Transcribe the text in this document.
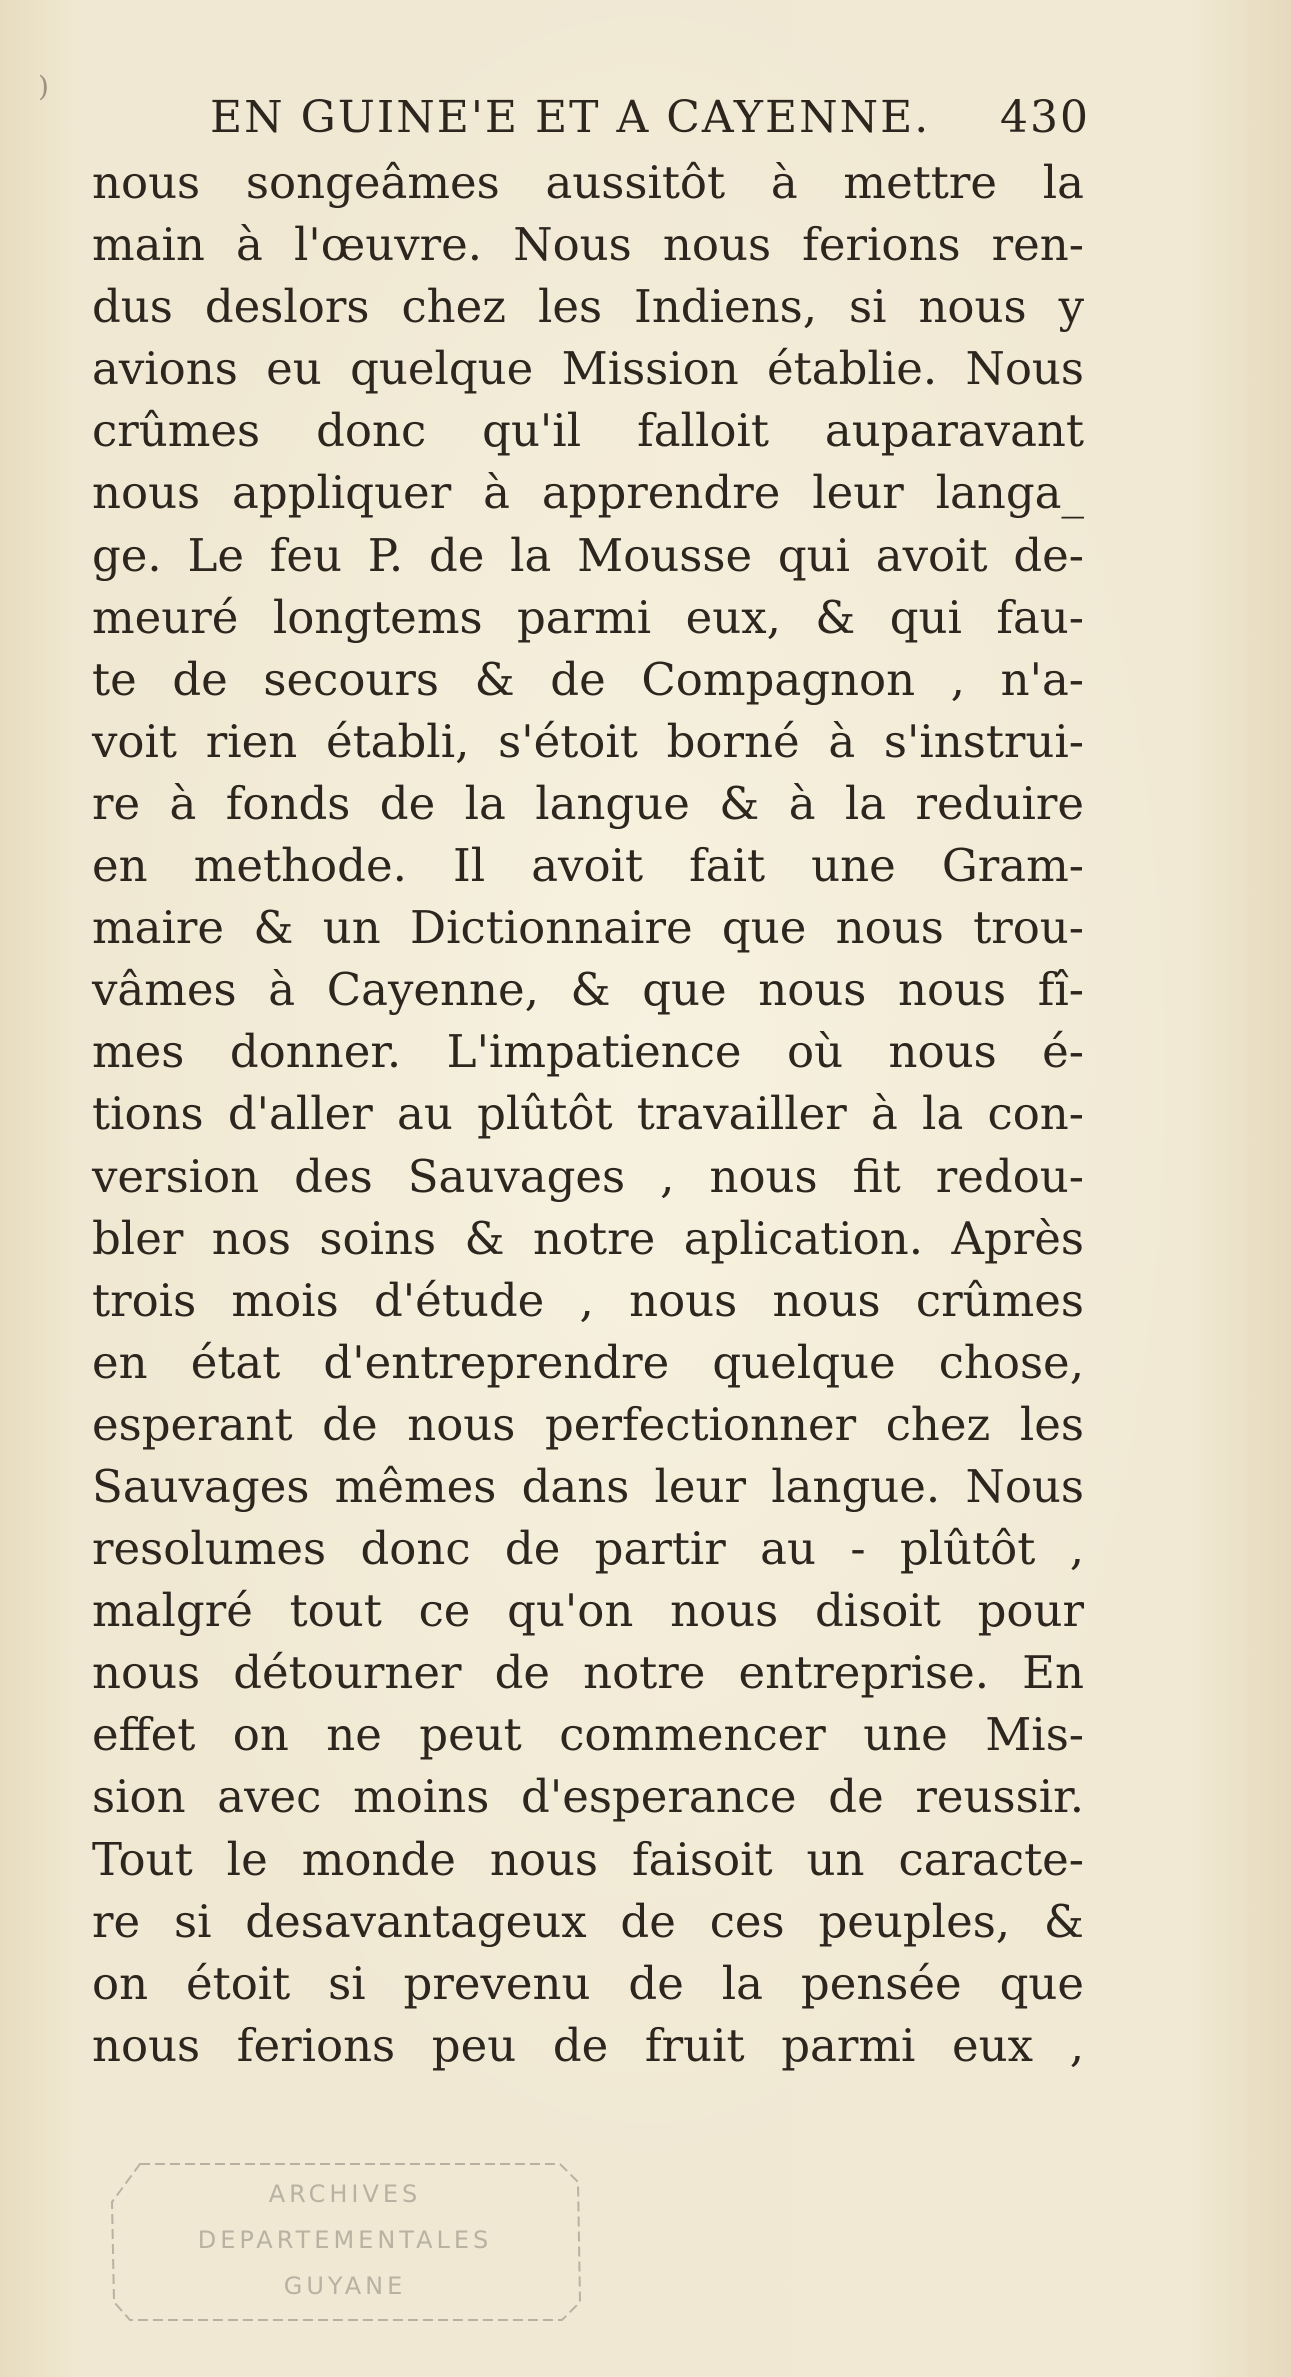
)
EN GUINE'E ET A CAYENNE. 430
nous songeâmes aussitôt à mettre la
main à l'œuvre. Nous nous ferions ren-
dus deslors chez les Indiens, si nous y
avions eu quelque Mission établie. Nous
crûmes donc qu'il falloit auparavant
nous appliquer à apprendre leur langa_
ge. Le feu P. de la Mousse qui avoit de-
meuré longtems parmi eux, & qui fau-
te de secours & de Compagnon , n'a-
voit rien établi, s'étoit borné à s'instrui-
re à fonds de la langue & à la reduire
en methode. Il avoit fait une Gram-
maire & un Dictionnaire que nous trou-
vâmes à Cayenne, & que nous nous fî-
mes donner. L'impatience où nous é-
tions d'aller au plûtôt travailler à la con-
version des Sauvages , nous fit redou-
bler nos soins & notre aplication. Après
trois mois d'étude , nous nous crûmes
en état d'entreprendre quelque chose,
esperant de nous perfectionner chez les
Sauvages mêmes dans leur langue. Nous
resolumes donc de partir au - plûtôt ,
malgré tout ce qu'on nous disoit pour
nous détourner de notre entreprise. En
effet on ne peut commencer une Mis-
sion avec moins d'esperance de reussir.
Tout le monde nous faisoit un caracte-
re si desavantageux de ces peuples, &
on étoit si prevenu de la pensée que
nous ferions peu de fruit parmi eux ,
ARCHIVES
DEPARTEMENTALES
GUYANE
